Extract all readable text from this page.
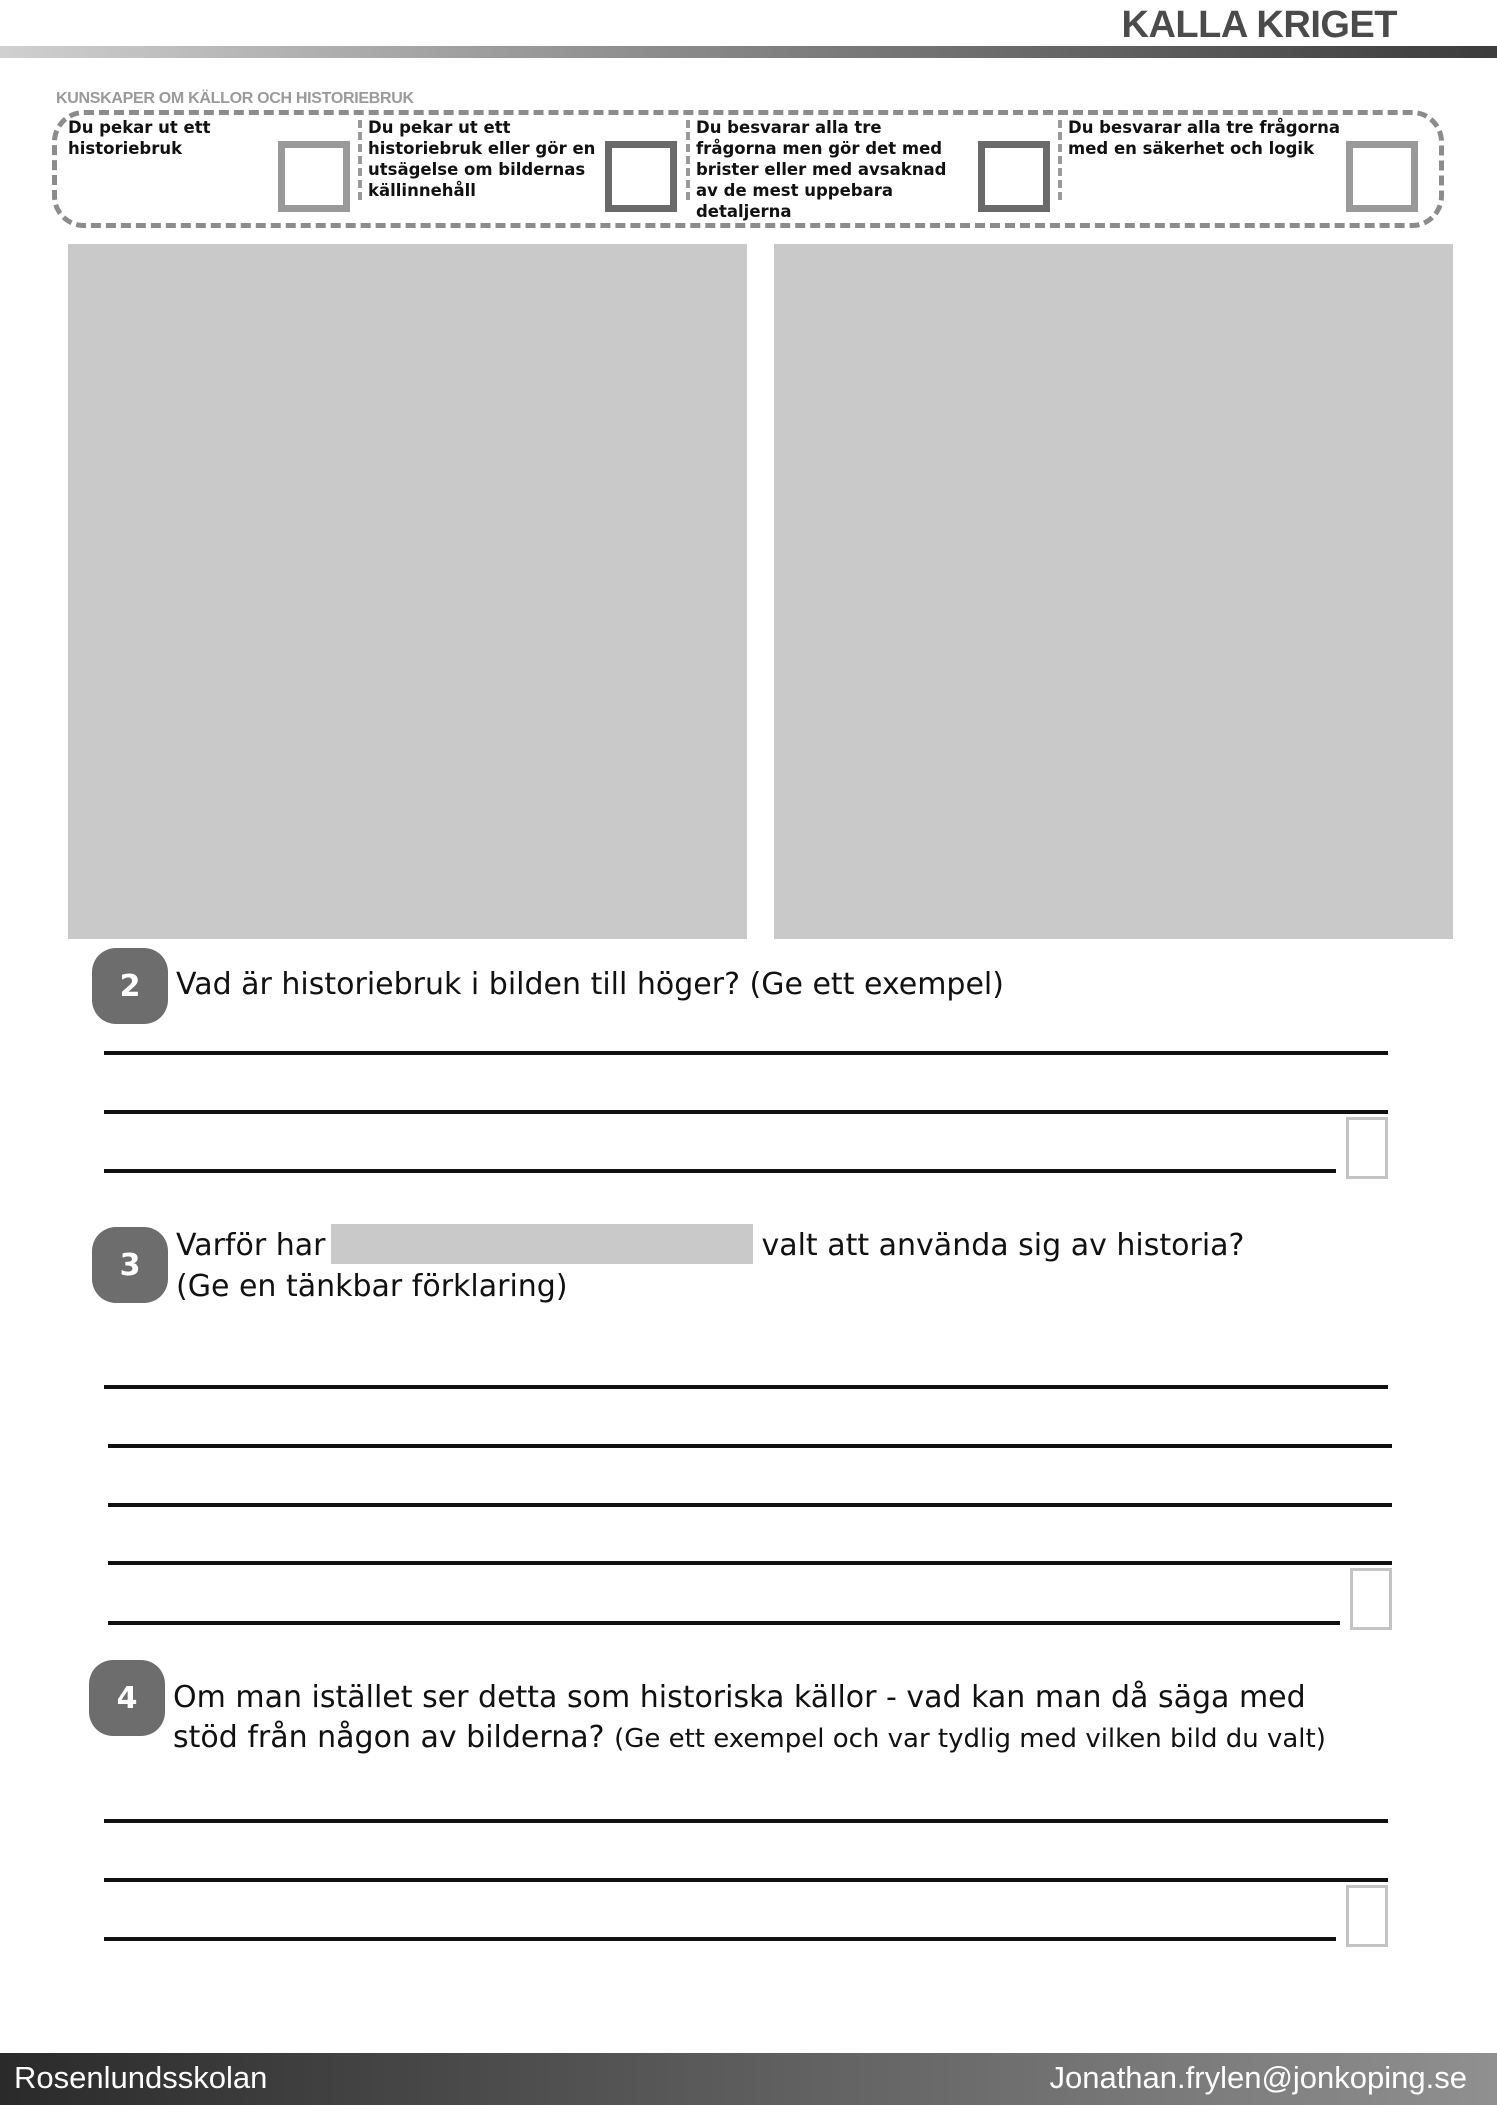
KALLA KRIGET
KUNSKAPER OM KÄLLOR OCH HISTORIEBRUK
Du pekar ut ett historiebruk
Du pekar ut ett historiebruk eller gör en utsägelse om bildernas källinnehåll
Du besvarar alla tre frågorna men gör det med brister eller med avsaknad av de mest uppebara detaljerna
Du besvarar alla tre frågorna med en säkerhet och logik
2	Vad är historiebruk i bilden till höger? (Ge ett exempel)
3
Varför har	valt att använda sig av historia?
(Ge en tänkbar förklaring)
4	Om man istället ser detta som historiska källor - vad kan man då säga med
stöd från någon av bilderna? (Ge ett exempel och var tydlig med vilken bild du valt)
Rosenlundsskolan	Jonathan.frylen@jonkoping.se
